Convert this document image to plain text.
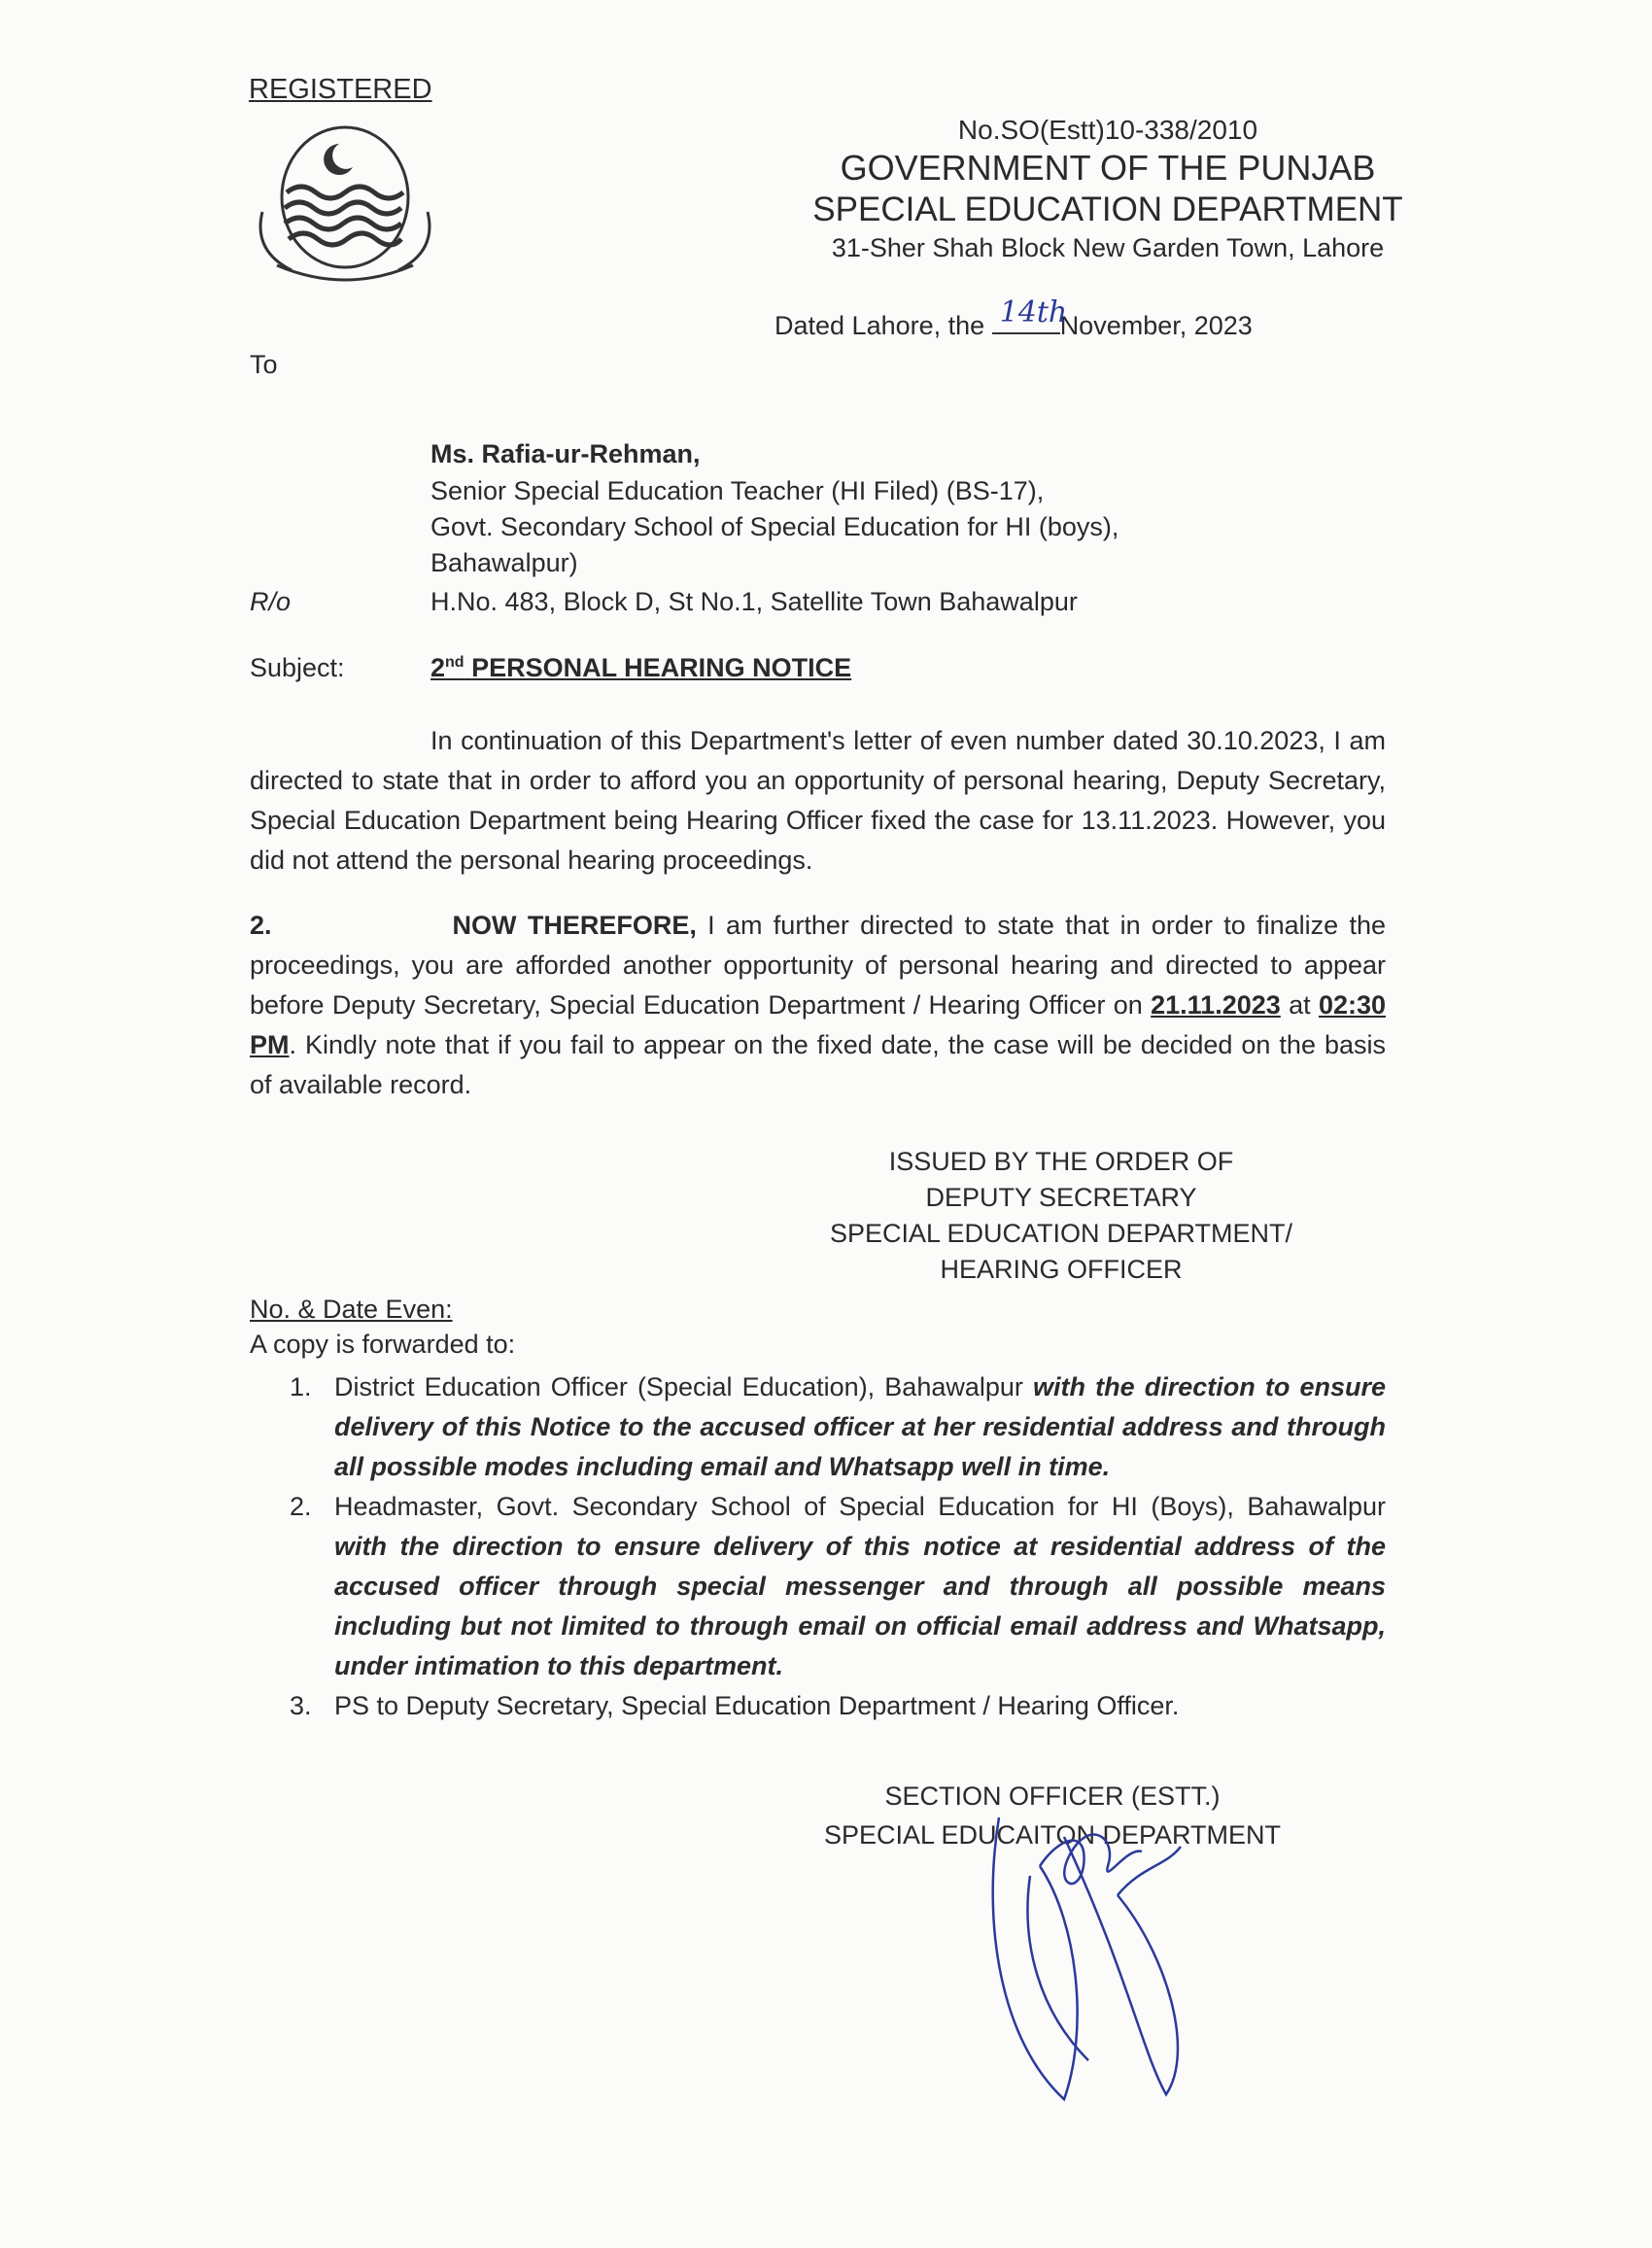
REGISTERED
No.SO(Estt)10-338/2010
GOVERNMENT OF THE PUNJAB
SPECIAL EDUCATION DEPARTMENT
31-Sher Shah Block New Garden Town, Lahore
Dated Lahore, the 14th
November, 2023
To
Ms. Rafia-ur-Rehman,
Senior Special Education Teacher (HI Filed) (BS-17),
Govt. Secondary School of Special Education for HI (boys),
Bahawalpur)
R/o	H.No. 483, Block D, St No.1, Satellite Town Bahawalpur
Subject:	2nd PERSONAL HEARING NOTICE
In continuation of this Department's letter of even number dated 30.10.2023, I am directed to state that in order to afford you an opportunity of personal hearing, Deputy Secretary, Special Education Department being Hearing Officer fixed the case for 13.11.2023. However, you did not attend the personal hearing proceedings.
2.	NOW THEREFORE, I am further directed to state that in order to finalize the proceedings, you are afforded another opportunity of personal hearing and directed to appear before Deputy Secretary, Special Education Department / Hearing Officer on 21.11.2023 at 02:30 PM. Kindly note that if you fail to appear on the fixed date, the case will be decided on the basis of available record.
ISSUED BY THE ORDER OF
DEPUTY SECRETARY
SPECIAL EDUCATION DEPARTMENT/
HEARING OFFICER
No. & Date Even:
A copy is forwarded to:
1. District Education Officer (Special Education), Bahawalpur with the direction to ensure delivery of this Notice to the accused officer at her residential address and through all possible modes including email and Whatsapp well in time.
2. Headmaster, Govt. Secondary School of Special Education for HI (Boys), Bahawalpur with the direction to ensure delivery of this notice at residential address of the accused officer through special messenger and through all possible means including but not limited to through email on official email address and Whatsapp, under intimation to this department.
3. PS to Deputy Secretary, Special Education Department / Hearing Officer.
SECTION OFFICER (ESTT.)
SPECIAL EDUCAITON DEPARTMENT
